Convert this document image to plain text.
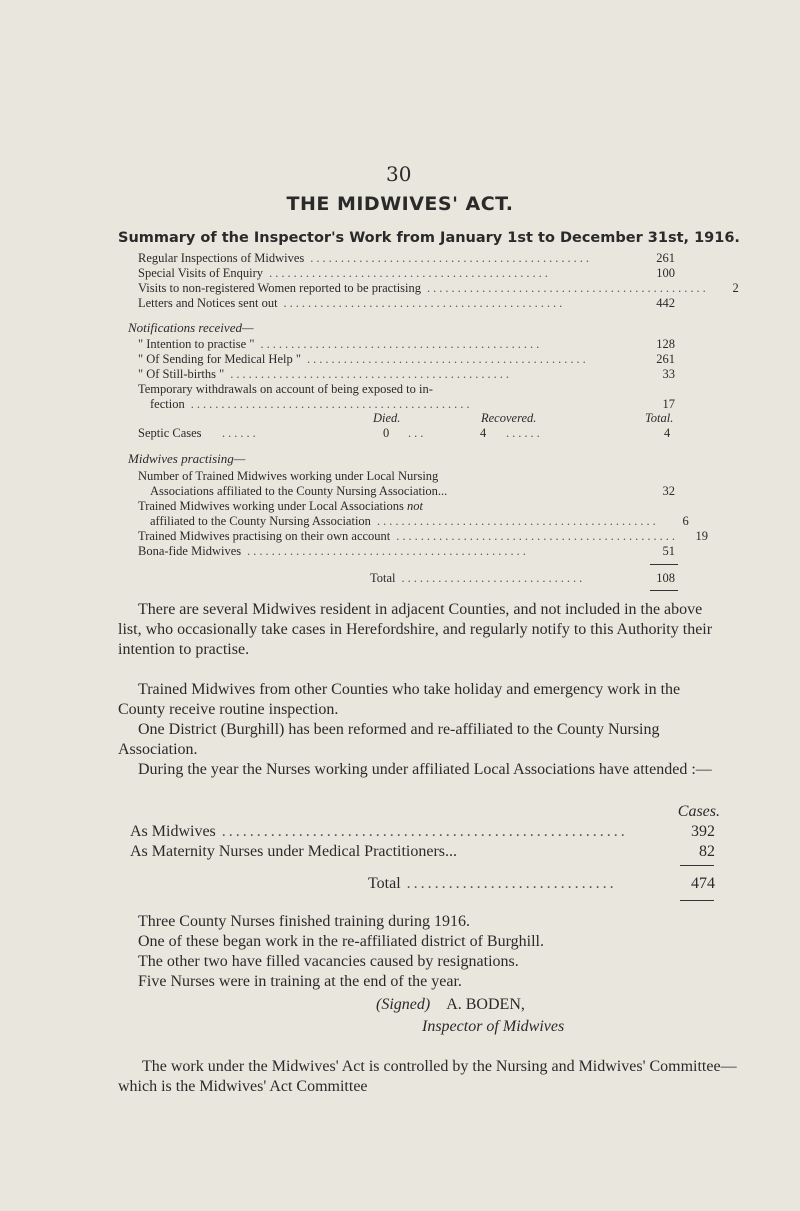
30
THE MIDWIVES' ACT.
Summary of the Inspector's Work from January 1st to December 31st, 1916.
Regular Inspections of Midwives ..............................................	261
Special Visits of Enquiry ..............................................	100
Visits to non-registered Women reported to be practising ..............................................	2
Letters and Notices sent out ..............................................	442
Notifications received—
" Intention to practise " ..............................................	128
" Of Sending for Medical Help " ..............................................	261
" Of Still-births " ..............................................	33
Temporary withdrawals on account of being exposed to in-
fection ..............................................	17
Died.	Recovered.	Total.
Septic Cases ......	0 ...	4 ......	4
Midwives practising—
Number of Trained Midwives working under Local Nursing
Associations affiliated to the County Nursing Association...	32
Trained Midwives working under Local Associations not
affiliated to the County Nursing Association ..............................................	6
Trained Midwives practising on their own account ..............................................	19
Bona-fide Midwives ..............................................	51
Total ..............................	108
There are several Midwives resident in adjacent Counties, and not included in the above list, who occasionally take cases in Herefordshire, and regularly notify to this Authority their intention to practise.
Trained Midwives from other Counties who take holiday and emergency work in the County receive routine inspection.
One District (Burghill) has been reformed and re-affiliated to the County Nursing Association.
During the year the Nurses working under affiliated Local Associations have attended :—
Cases.
As Midwives ..........................................................	392
As Maternity Nurses under Medical Practitioners...	82
Total ..............................	474
Three County Nurses finished training during 1916.
One of these began work in the re-affiliated district of Burghill.
The other two have filled vacancies caused by resignations.
Five Nurses were in training at the end of the year.
(Signed) A. BODEN,
Inspector of Midwives
The work under the Midwives' Act is controlled by the Nursing and Midwives' Committee—which is the Midwives' Act Committee
